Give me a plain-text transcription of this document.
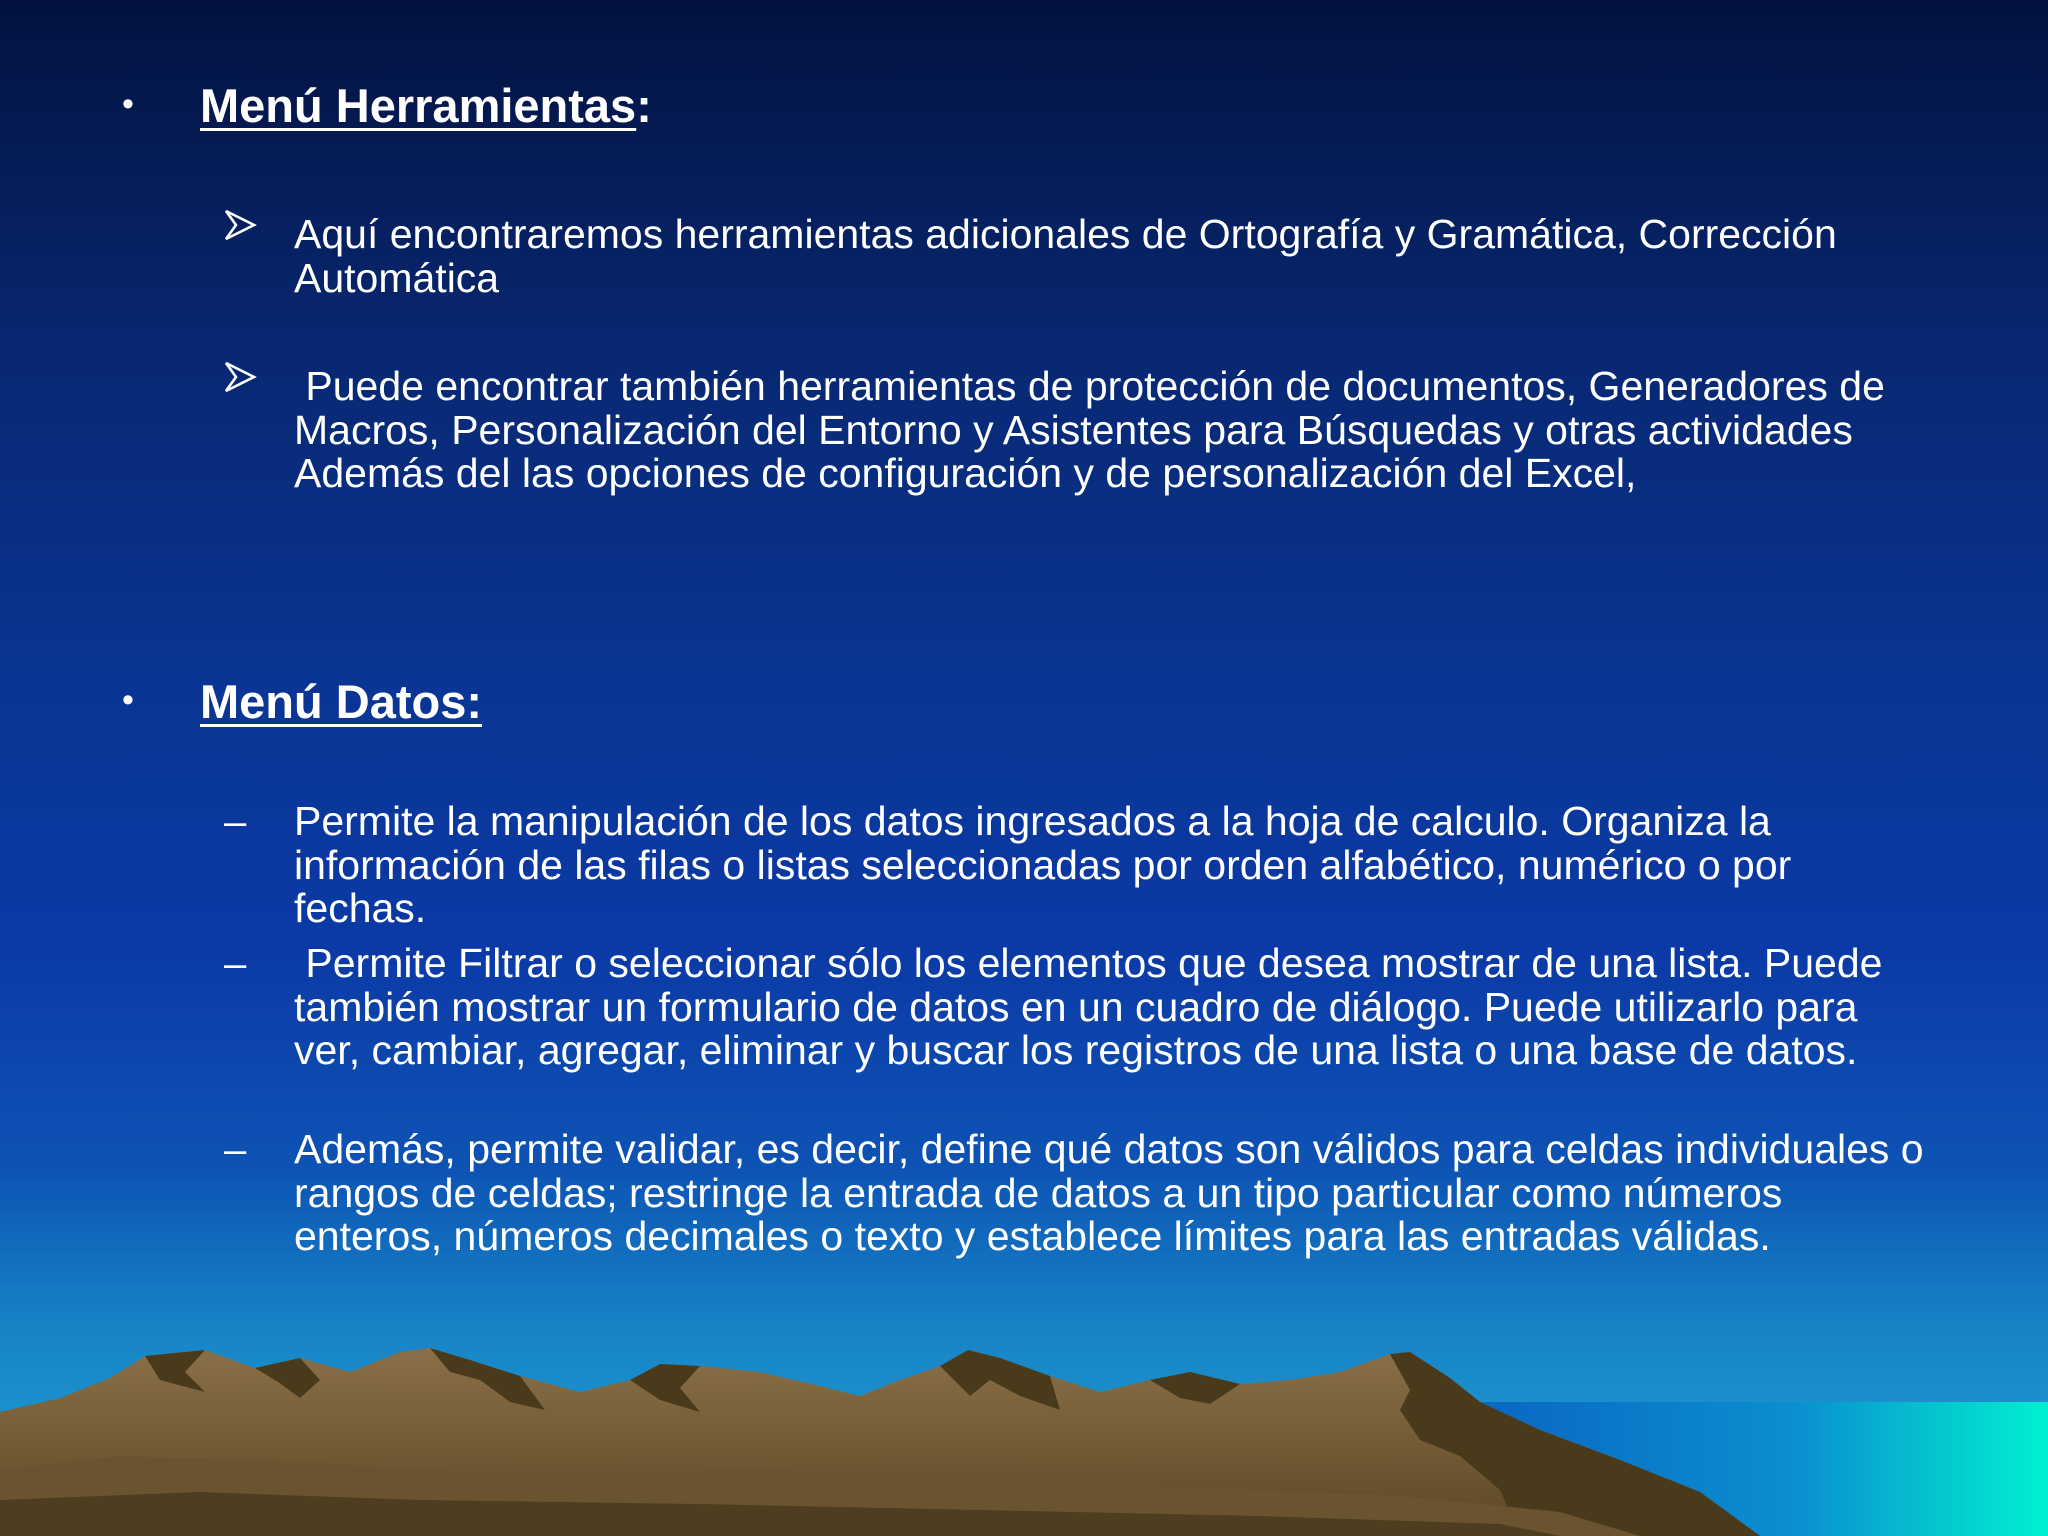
• Menú Herramientas:
Aquí encontraremos herramientas adicionales de Ortografía y Gramática, Corrección Automática
Puede encontrar también herramientas de protección de documentos, Generadores de Macros, Personalización del Entorno y Asistentes para Búsquedas y otras actividades Además del las opciones de configuración y de personalización del Excel,
• Menú Datos:
– Permite la manipulación de los datos ingresados a la hoja de calculo. Organiza la información de las filas o listas seleccionadas por orden alfabético, numérico o por fechas.
– Permite Filtrar o seleccionar sólo los elementos que desea mostrar de una lista. Puede también mostrar un formulario de datos en un cuadro de diálogo. Puede utilizarlo para ver, cambiar, agregar, eliminar y buscar los registros de una lista o una base de datos.
– Además, permite validar, es decir, define qué datos son válidos para celdas individuales o rangos de celdas; restringe la entrada de datos a un tipo particular como números enteros, números decimales o texto y establece límites para las entradas válidas.
